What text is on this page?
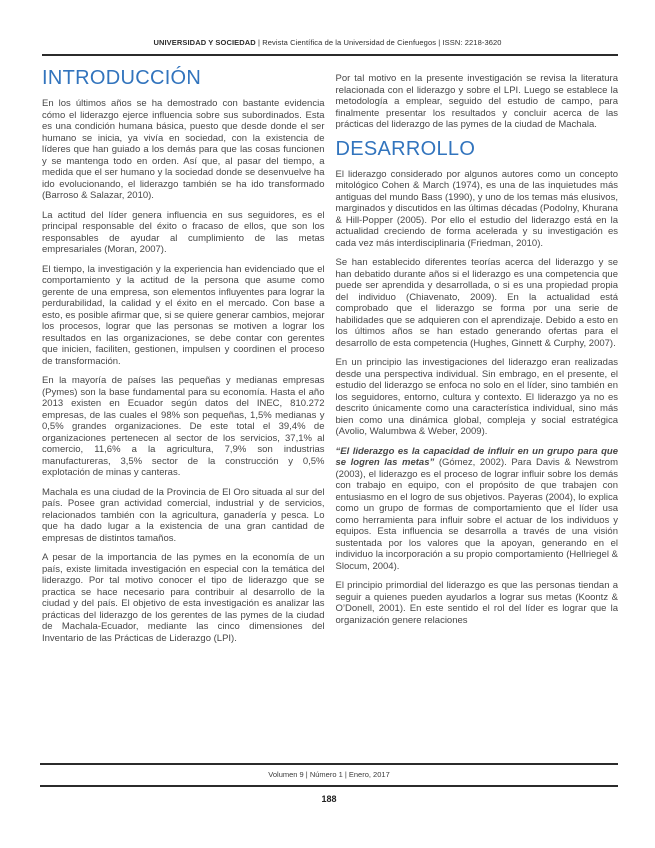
UNIVERSIDAD Y SOCIEDAD | Revista Científica de la Universidad de Cienfuegos | ISSN: 2218-3620
INTRODUCCIÓN

En los últimos años se ha demostrado con bastante evidencia cómo el liderazgo ejerce influencia sobre sus subordinados. Esta es una condición humana básica, puesto que desde donde el ser humano se inicia, ya vivía en sociedad, con la existencia de líderes que han guiado a los demás para que las cosas funcionen y se mantenga todo en orden. Así que, al pasar del tiempo, a medida que el ser humano y la sociedad donde se desenvuelve ha ido evolucionando, el liderazgo también se ha ido transformado (Barroso & Salazar, 2010).

La actitud del líder genera influencia en sus seguidores, es el principal responsable del éxito o fracaso de ellos, que son los responsables de ayudar al cumplimiento de las metas empresariales (Moran, 2007).

El tiempo, la investigación y la experiencia han evidenciado que el comportamiento y la actitud de la persona que asume como gerente de una empresa, son elementos influyentes para lograr la perdurabilidad, la calidad y el éxito en el mercado. Con base a esto, es posible afirmar que, si se quiere generar cambios, mejorar los procesos, lograr que las personas se motiven a lograr los resultados en las organizaciones, se debe contar con gerentes que inicien, faciliten, gestionen, impulsen y coordinen el proceso de transformación.

En la mayoría de países las pequeñas y medianas empresas (Pymes) son la base fundamental para su economía. Hasta el año 2013 existen en Ecuador según datos del INEC, 810.272 empresas, de las cuales el 98% son pequeñas, 1,5% medianas y 0,5% grandes organizaciones. De este total el 39,4% de organizaciones pertenecen al sector de los servicios, 37,1% al comercio, 11,6% a la agricultura, 7,9% son industrias manufactureras, 3,5% sector de la construcción y 0,5% explotación de minas y canteras.

Machala es una ciudad de la Provincia de El Oro situada al sur del país. Posee gran actividad comercial, industrial y de servicios, relacionados también con la agricultura, ganadería y pesca. Lo que ha dado lugar a la existencia de una gran cantidad de empresas de distintos tamaños.

A pesar de la importancia de las pymes en la economía de un país, existe limitada investigación en especial con la temática del liderazgo. Por tal motivo conocer el tipo de liderazgo que se practica se hace necesario para contribuir al desarrollo de la ciudad y del país. El objetivo de esta investigación es analizar las prácticas del liderazgo de los gerentes de las pymes de la ciudad de Machala-Ecuador, mediante las cinco dimensiones del Inventario de las Prácticas de Liderazgo (LPI).

Por tal motivo en la presente investigación se revisa la literatura relacionada con el liderazgo y sobre el LPI. Luego se establece la metodología a emplear, seguido del estudio de campo, para finalmente presentar los resultados y concluir acerca de las prácticas del liderazgo de las pymes de la ciudad de Machala.

DESARROLLO

El liderazgo considerado por algunos autores como un concepto mitológico Cohen & March (1974), es una de las inquietudes más antiguas del mundo Bass (1990), y uno de los temas más elusivos, marginados y discutidos en las últimas décadas (Podolny, Khurana & Hill-Popper (2005). Por ello el estudio del liderazgo está en la actualidad creciendo de forma acelerada y su investigación es cada vez más interdisciplinaria (Friedman, 2010).

Se han establecido diferentes teorías acerca del liderazgo y se han debatido durante años si el liderazgo es una competencia que puede ser aprendida y desarrollada, o si es una propiedad propia del individuo (Chiavenato, 2009). En la actualidad está comprobado que el liderazgo se forma por una serie de habilidades que se adquieren con el aprendizaje. Debido a esto en los últimos años se han estado generando ofertas para el desarrollo de esta competencia (Hughes, Ginnett & Curphy, 2007).

En un principio las investigaciones del liderazgo eran realizadas desde una perspectiva individual. Sin embrago, en el presente, el estudio del liderazgo se enfoca no solo en el líder, sino también en los seguidores, entorno, cultura y contexto. El liderazgo ya no es descrito únicamente como una característica individual, sino más bien como una dinámica global, compleja y social estratégica (Avolio, Walumbwa & Weber, 2009).

“El liderazgo es la capacidad de influir en un grupo para que se logren las metas” (Gómez, 2002). Para Davis & Newstrom (2003), el liderazgo es el proceso de lograr influir sobre los demás con trabajo en equipo, con el propósito de que trabajen con entusiasmo en el logro de sus objetivos. Payeras (2004), lo explica como un grupo de formas de comportamiento que el líder usa como herramienta para influir sobre el actuar de los individuos y equipos. Esta influencia se desarrolla a través de una visión sustentada por los valores que la apoyan, generando en el individuo la incorporación a su propio comportamiento (Hellriegel & Slocum, 2004).

El principio primordial del liderazgo es que las personas tiendan a seguir a quienes pueden ayudarlos a lograr sus metas (Koontz & O’Donell, 2001). En este sentido el rol del líder es lograr que la organización genere relaciones

Volumen 9 | Número 1 | Enero, 2017
188
